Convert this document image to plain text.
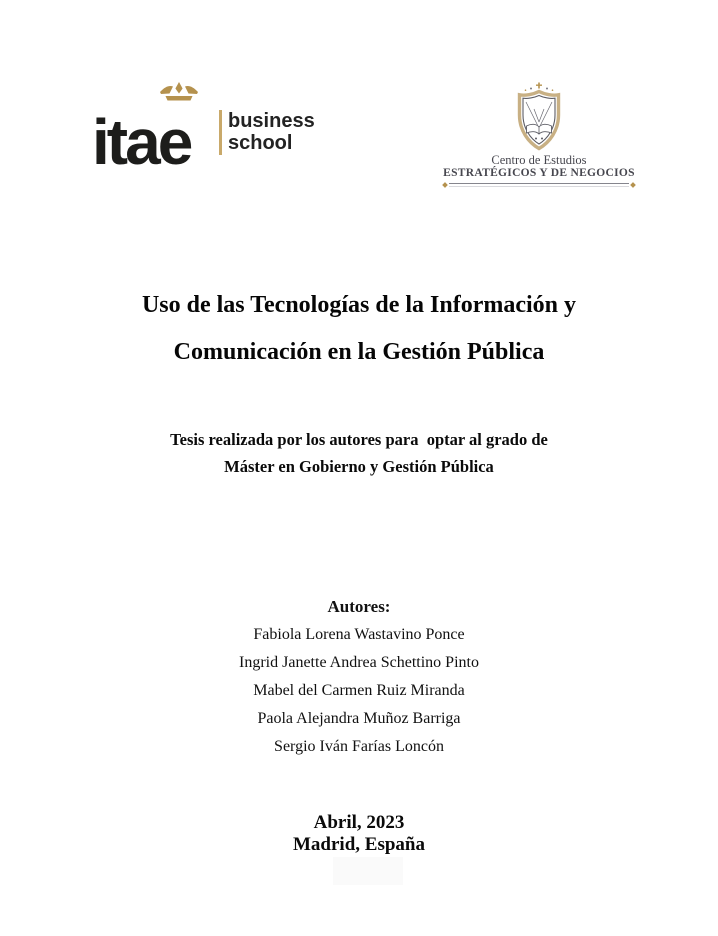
itae business
school
Centro de Estudios
ESTRATÉGICOS Y DE NEGOCIOS
Uso de las Tecnologías de la Información y
Comunicación en la Gestión Pública
Tesis realizada por los autores para  optar al grado de
Máster en Gobierno y Gestión Pública
Autores:
Fabiola Lorena Wastavino Ponce
Ingrid Janette Andrea Schettino Pinto
Mabel del Carmen Ruiz Miranda
Paola Alejandra Muñoz Barriga
Sergio Iván Farías Loncón
Abril, 2023
Madrid, España
